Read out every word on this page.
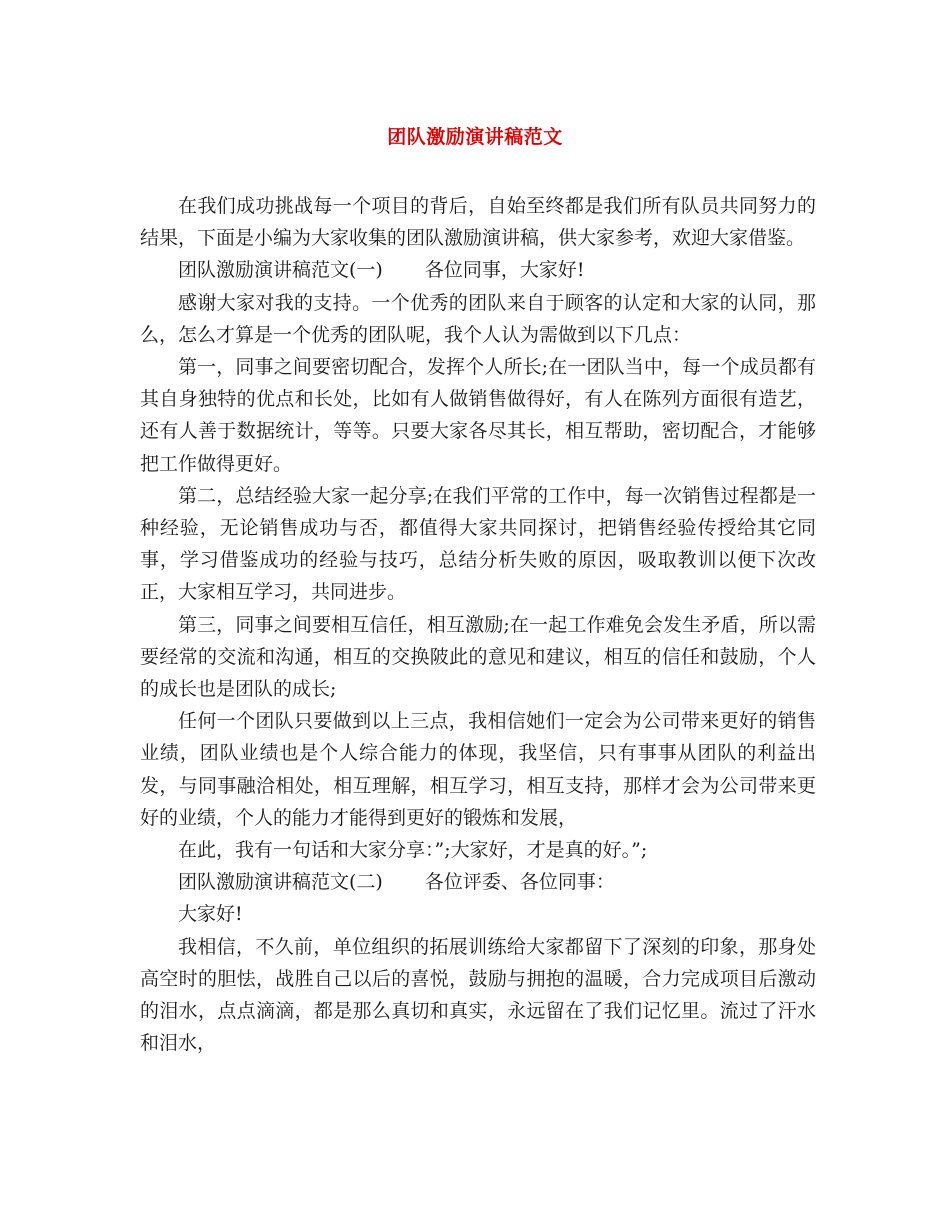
团队激励演讲稿范文

在我们成功挑战每一个项目的背后，自始至终都是我们所有队员共同努力的结果，下面是小编为大家收集的团队激励演讲稿，供大家参考，欢迎大家借鉴。

团队激励演讲稿范文(一) 各位同事，大家好!

感谢大家对我的支持。一个优秀的团队来自于顾客的认定和大家的认同，那么，怎么才算是一个优秀的团队呢，我个人认为需做到以下几点：

第一，同事之间要密切配合，发挥个人所长;在一团队当中，每一个成员都有其自身独特的优点和长处，比如有人做销售做得好，有人在陈列方面很有造艺，还有人善于数据统计，等等。只要大家各尽其长，相互帮助，密切配合，才能够把工作做得更好。

第二，总结经验大家一起分享;在我们平常的工作中，每一次销售过程都是一种经验，无论销售成功与否，都值得大家共同探讨，把销售经验传授给其它同事，学习借鉴成功的经验与技巧，总结分析失败的原因，吸取教训以便下次改正，大家相互学习，共同进步。

第三，同事之间要相互信任，相互激励;在一起工作难免会发生矛盾，所以需要经常的交流和沟通，相互的交换陂此的意见和建议，相互的信任和鼓励，个人的成长也是团队的成长;

任何一个团队只要做到以上三点，我相信她们一定会为公司带来更好的销售业绩，团队业绩也是个人综合能力的体现，我坚信，只有事事从团队的利益出发，与同事融洽相处，相互理解，相互学习，相互支持，那样才会为公司带来更好的业绩，个人的能力才能得到更好的锻炼和发展，

在此，我有一句话和大家分享：”;大家好，才是真的好。”;

团队激励演讲稿范文(二) 各位评委、各位同事：

大家好!

我相信，不久前，单位组织的拓展训练给大家都留下了深刻的印象，那身处高空时的胆怯，战胜自己以后的喜悦，鼓励与拥抱的温暖，合力完成项目后激动的泪水，点点滴滴，都是那么真切和真实，永远留在了我们记忆里。流过了汗水和泪水，
